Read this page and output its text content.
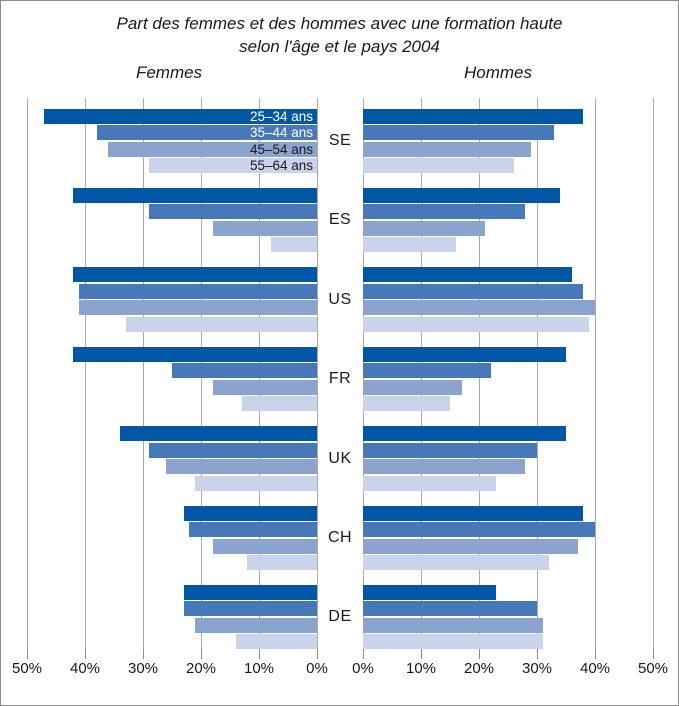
Part des femmes et des hommes avec une formation haute
selon l'âge et le pays 2004
Femmes	Hommes
50%	0%
40%	10%
30%	20%
20%	30%
10%	40%
0%	50%
SE
ES
US
FR
UK
CH
DE
25–34 ans
35–44 ans
45–54 ans
55–64 ans
